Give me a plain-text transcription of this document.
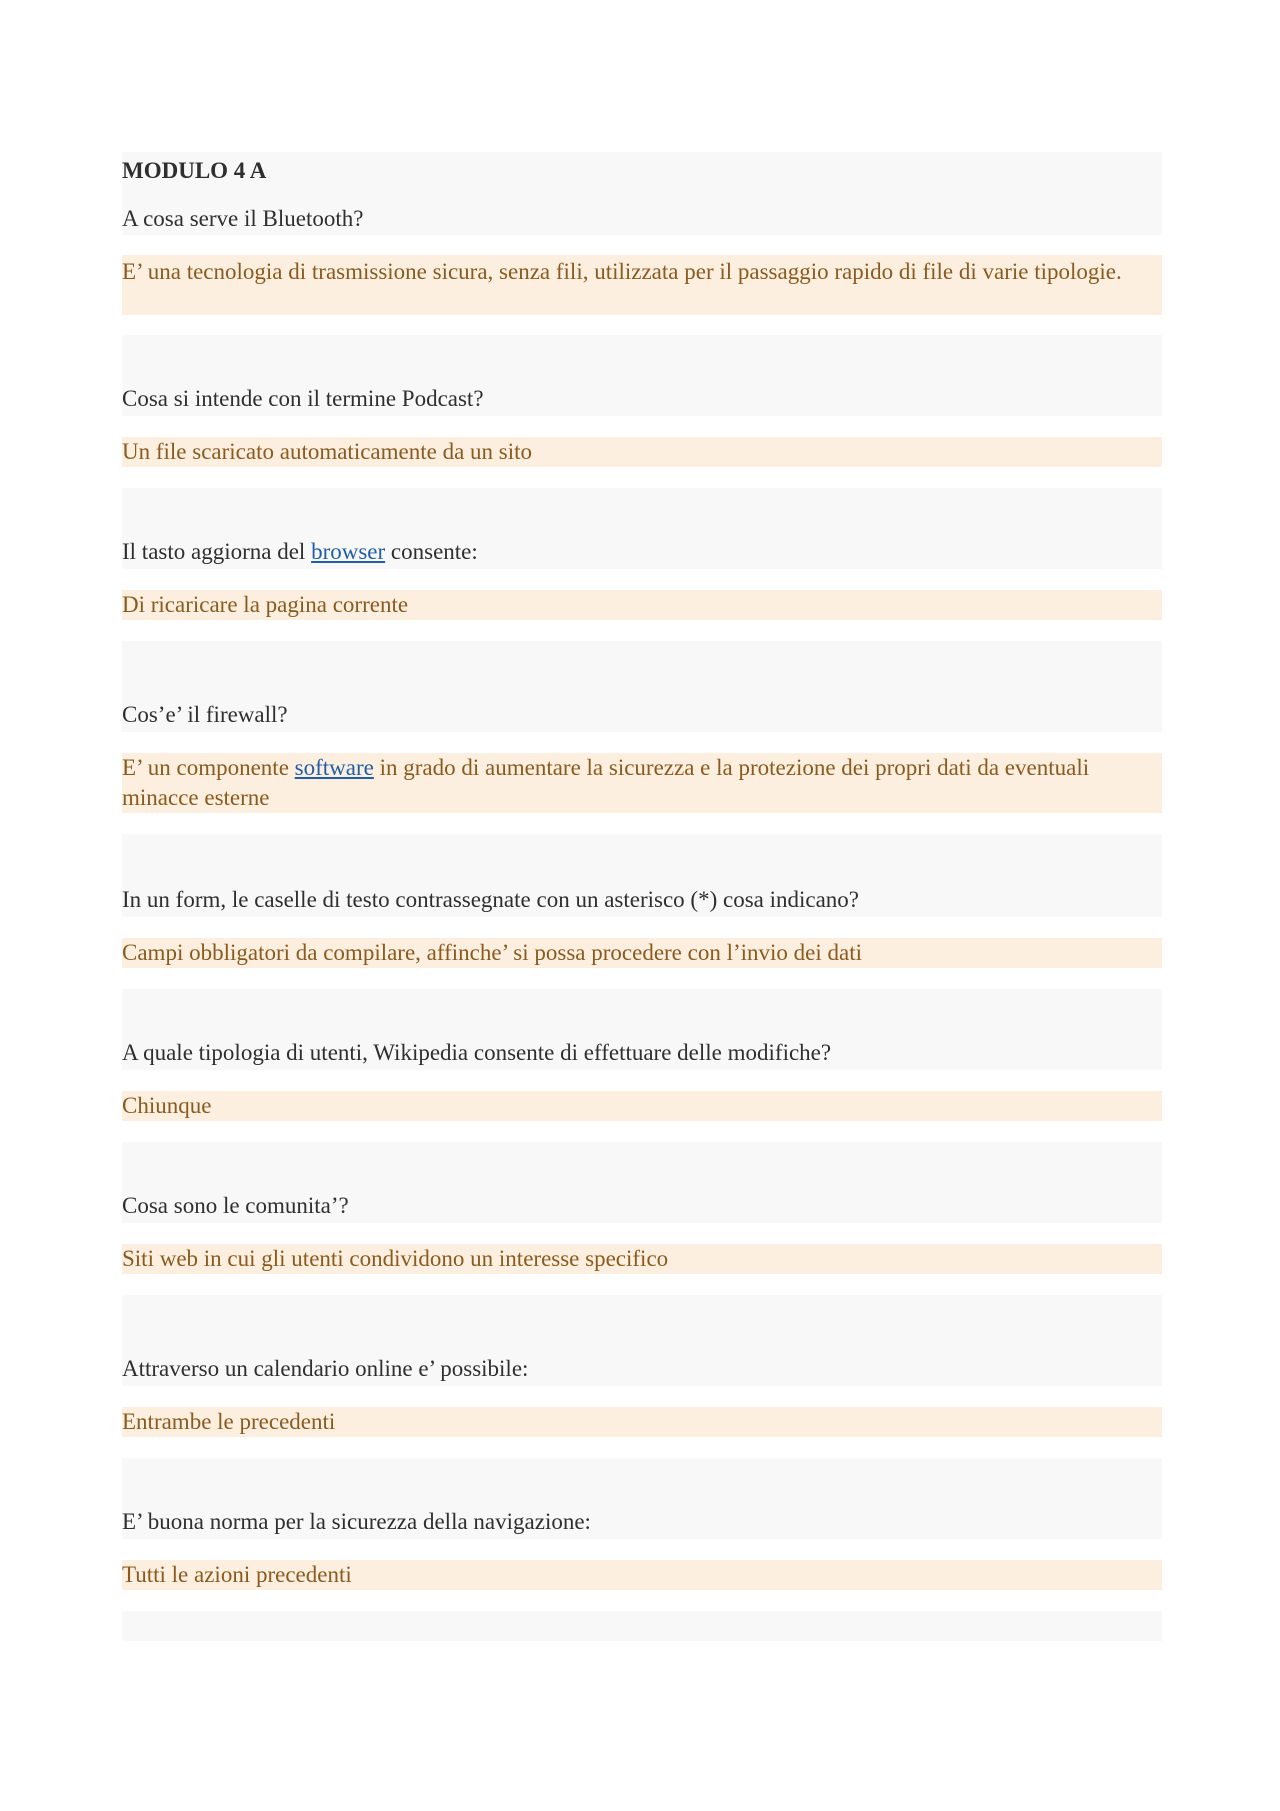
MODULO 4 A
A cosa serve il Bluetooth?
E’ una tecnologia di trasmissione sicura, senza fili, utilizzata per il passaggio rapido di file di varie tipologie.
Cosa si intende con il termine Podcast?
Un file scaricato automaticamente da un sito
Il tasto aggiorna del browser consente:
Di ricaricare la pagina corrente
Cos’e’ il firewall?
E’ un componente software in grado di aumentare la sicurezza e la protezione dei propri dati da eventuali minacce esterne
In un form, le caselle di testo contrassegnate con un asterisco (*) cosa indicano?
Campi obbligatori da compilare, affinche’ si possa procedere con l’invio dei dati
A quale tipologia di utenti, Wikipedia consente di effettuare delle modifiche?
Chiunque
Cosa sono le comunita’?
Siti web in cui gli utenti condividono un interesse specifico
Attraverso un calendario online e’ possibile:
Entrambe le precedenti
E’ buona norma per la sicurezza della navigazione:
Tutti le azioni precedenti
